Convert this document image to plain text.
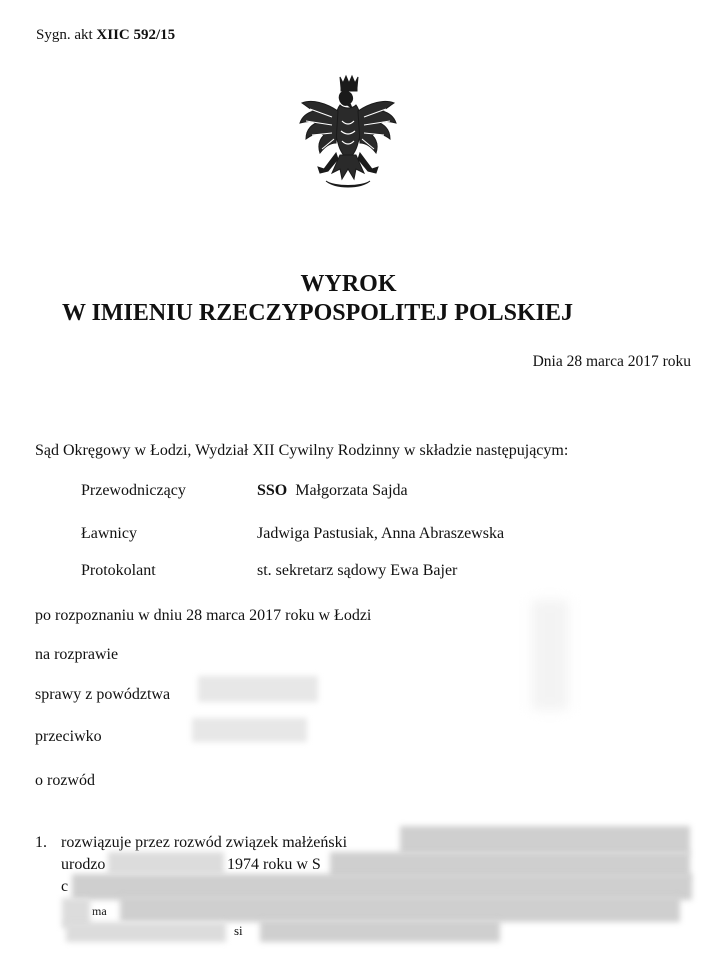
Sygn. akt XIIC 592/15
WYROK
W IMIENIU RZECZYPOSPOLITEJ POLSKIEJ
Dnia 28 marca 2017 roku
Sąd Okręgowy w Łodzi, Wydział XII Cywilny Rodzinny w składzie następującym:
Przewodniczący	SSO Małgorzata Sajda
Ławnicy	Jadwiga Pastusiak, Anna Abraszewska
Protokolant	st. sekretarz sądowy Ewa Bajer
po rozpoznaniu w dniu 28 marca 2017 roku w Łodzi
na rozprawie
sprawy z powództwa
przeciwko
o rozwód
1. rozwiązuje przez rozwód związek małżeński
urodzo	1974 roku w S
c
ma
si
